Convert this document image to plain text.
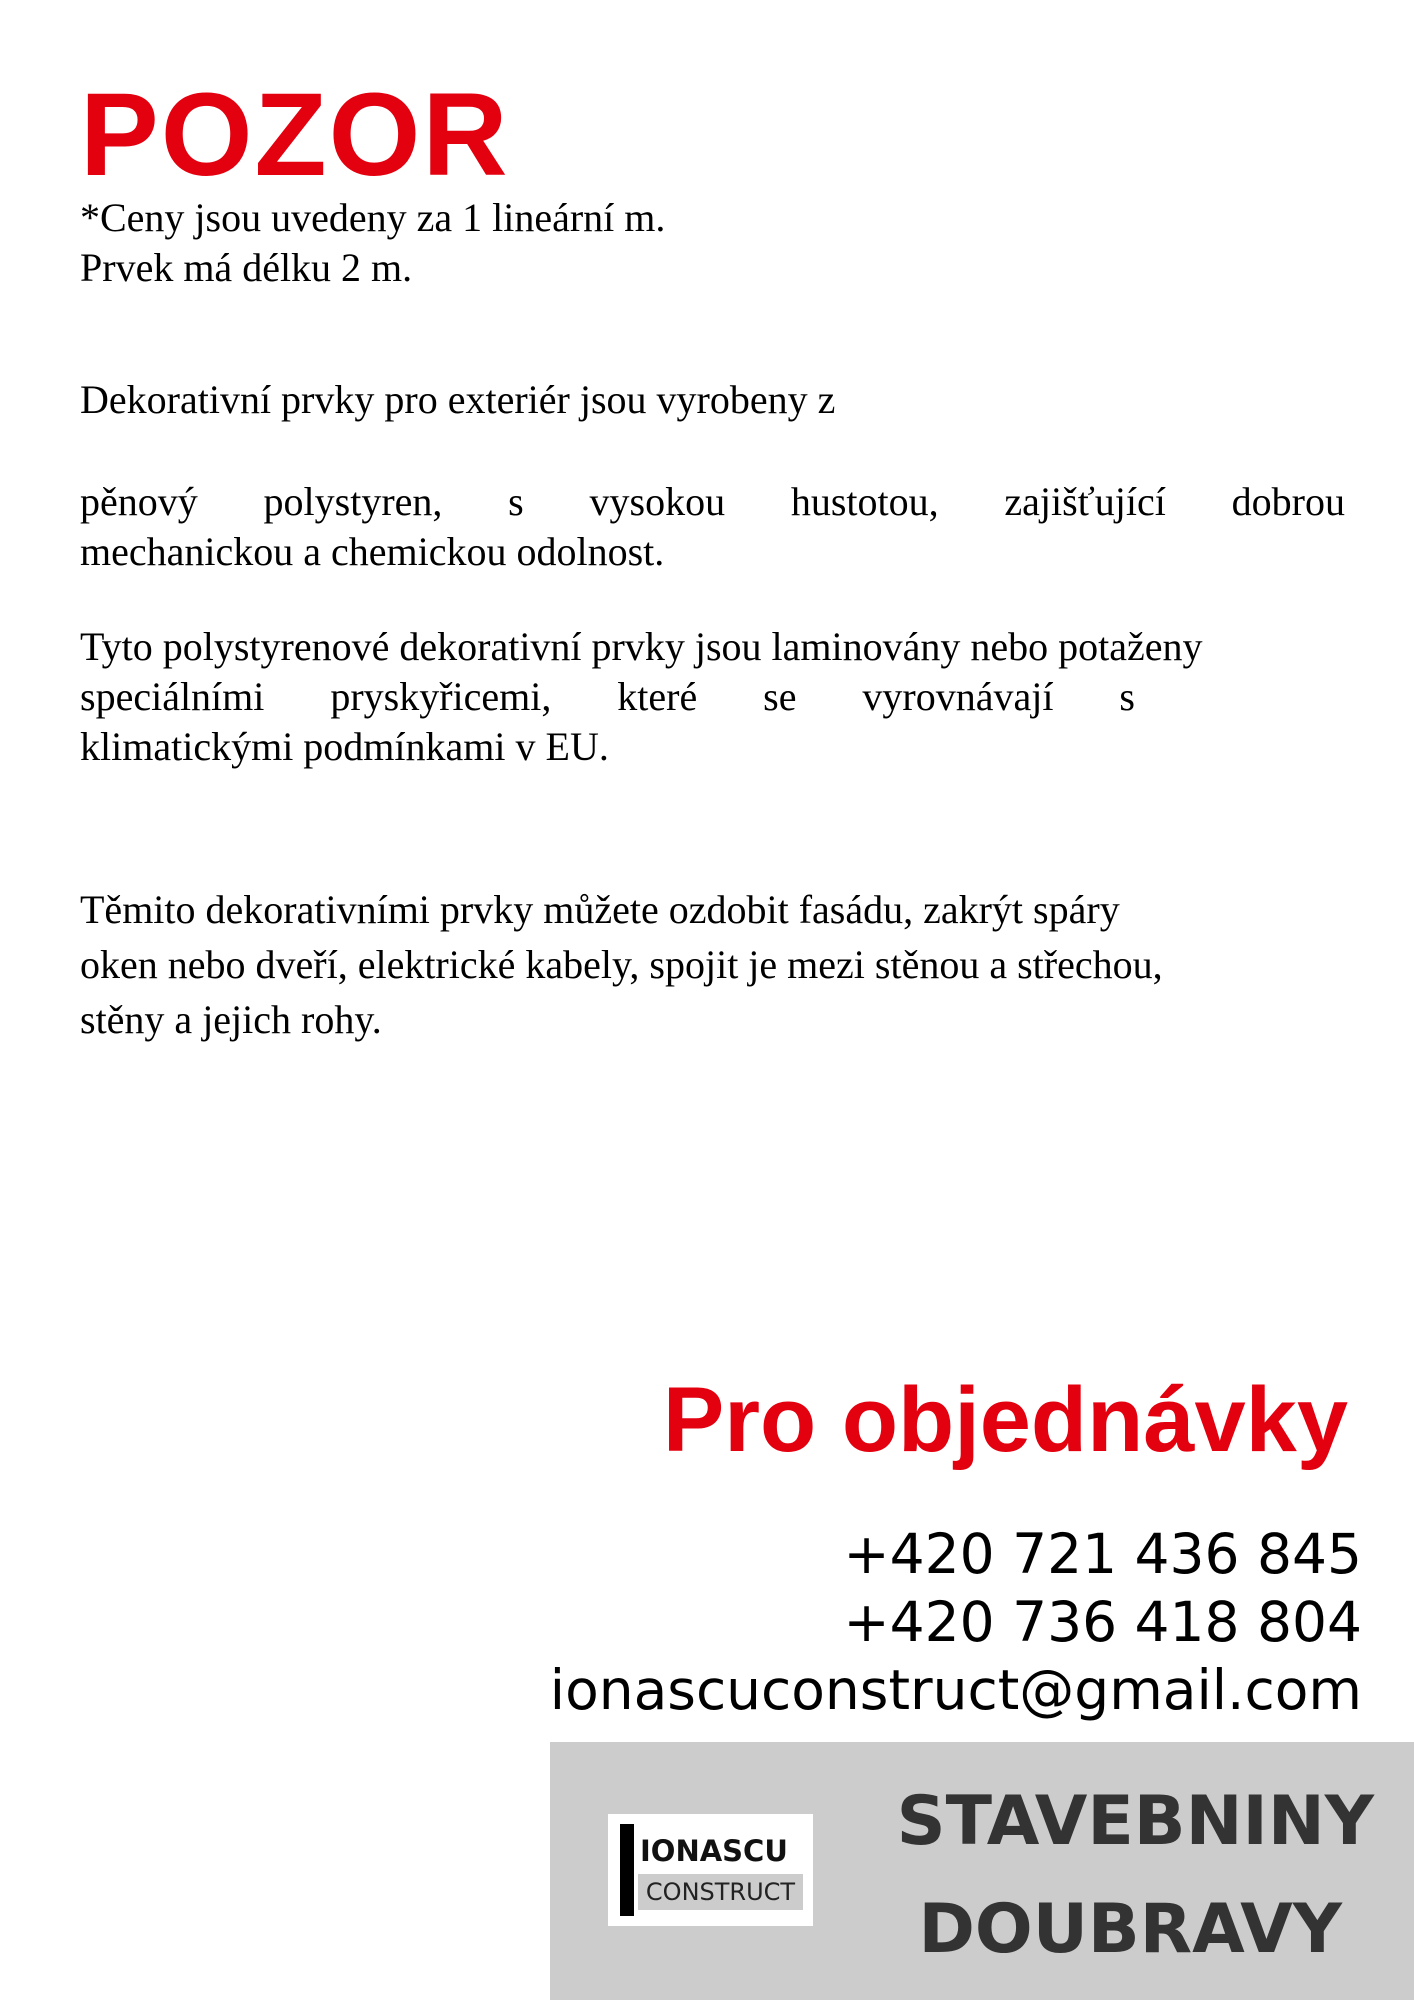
POZOR
*Ceny jsou uvedeny za 1 lineární m.
Prvek má délku 2 m.
Dekorativní prvky pro exteriér jsou vyrobeny z
pěnový polystyren, s vysokou hustotou, zajišťující dobrou
mechanickou a chemickou odolnost.
Tyto polystyrenové dekorativní prvky jsou laminovány nebo potaženy
speciálními pryskyřicemi, které se vyrovnávají s
klimatickými podmínkami v EU.
Těmito dekorativními prvky můžete ozdobit fasádu, zakrýt spáry
oken nebo dveří, elektrické kabely, spojit je mezi stěnou a střechou,
stěny a jejich rohy.
Pro objednávky
+420 721 436 845
+420 736 418 804
ionascuconstruct@gmail.com
IONASCU
CONSTRUCT
STAVEBNINY
DOUBRAVY
